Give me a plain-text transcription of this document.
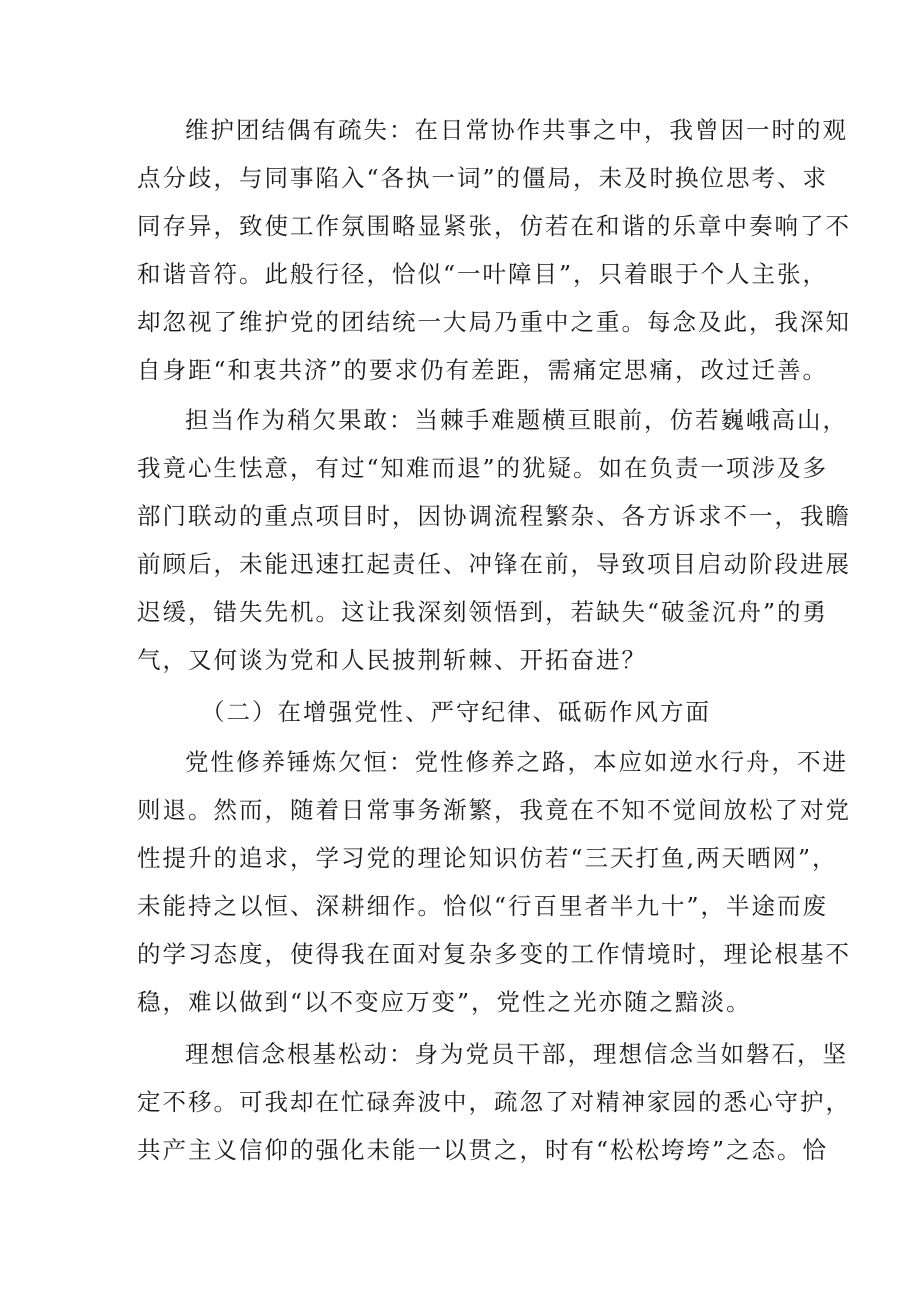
维护团结偶有疏失：在日常协作共事之中，我曾因一时的观
点分歧，与同事陷入“各执一词”的僵局，未及时换位思考、求
同存异，致使工作氛围略显紧张，仿若在和谐的乐章中奏响了不
和谐音符。此般行径，恰似“一叶障目”，只着眼于个人主张，
却忽视了维护党的团结统一大局乃重中之重。每念及此，我深知
自身距“和衷共济”的要求仍有差距，需痛定思痛，改过迁善。
担当作为稍欠果敢：当棘手难题横亘眼前，仿若巍峨高山，
我竟心生怯意，有过“知难而退”的犹疑。如在负责一项涉及多
部门联动的重点项目时，因协调流程繁杂、各方诉求不一，我瞻
前顾后，未能迅速扛起责任、冲锋在前，导致项目启动阶段进展
迟缓，错失先机。这让我深刻领悟到，若缺失“破釜沉舟”的勇
气，又何谈为党和人民披荆斩棘、开拓奋进？
（二）在增强党性、严守纪律、砥砺作风方面
党性修养锤炼欠恒：党性修养之路，本应如逆水行舟，不进
则退。然而，随着日常事务渐繁，我竟在不知不觉间放松了对党
性提升的追求，学习党的理论知识仿若“三天打鱼,两天晒网”，
未能持之以恒、深耕细作。恰似“行百里者半九十”，半途而废
的学习态度，使得我在面对复杂多变的工作情境时，理论根基不
稳，难以做到“以不变应万变”，党性之光亦随之黯淡。
理想信念根基松动：身为党员干部，理想信念当如磐石，坚
定不移。可我却在忙碌奔波中，疏忽了对精神家园的悉心守护，
共产主义信仰的强化未能一以贯之，时有“松松垮垮”之态。恰
